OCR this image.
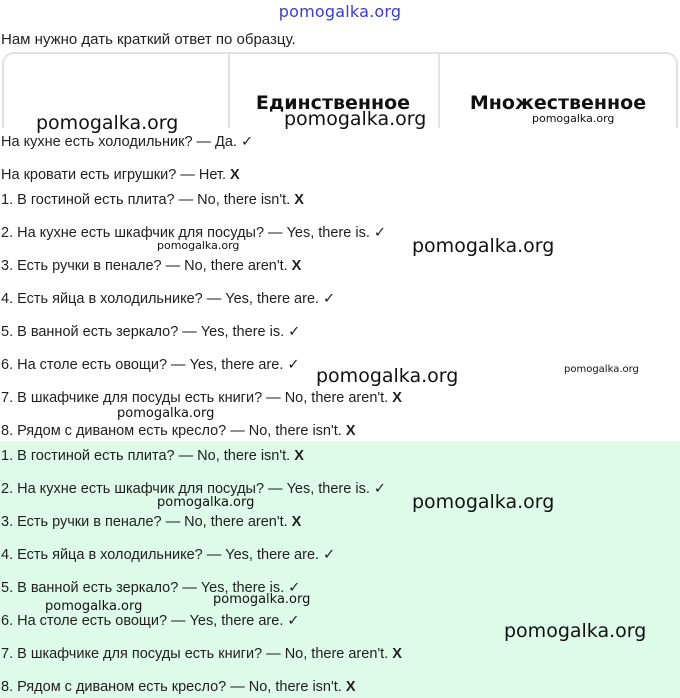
pomogalka.org

Нам нужно дать краткий ответ по образцу.

Единственное	Множественное
На кухне есть холодильник? — Да. ✓
На кровати есть игрушки? — Нет. X
1. В гостиной есть плита? — No, there isn't. X
2. На кухне есть шкафчик для посуды? — Yes, there is. ✓
3. Есть ручки в пенале? — No, there aren't. X
4. Есть яйца в холодильнике? — Yes, there are. ✓
5. В ванной есть зеркало? — Yes, there is. ✓
6. На столе есть овощи? — Yes, there are. ✓
7. В шкафчике для посуды есть книги? — No, there aren't. X
8. Рядом с диваном есть кресло? — No, there isn't. X
1. В гостиной есть плита? — No, there isn't. X
2. На кухне есть шкафчик для посуды? — Yes, there is. ✓
3. Есть ручки в пенале? — No, there aren't. X
4. Есть яйца в холодильнике? — Yes, there are. ✓
5. В ванной есть зеркало? — Yes, there is. ✓
6. На столе есть овощи? — Yes, there are. ✓
7. В шкафчике для посуды есть книги? — No, there aren't. X
8. Рядом с диваном есть кресло? — No, there isn't. X
pomogalka.org	pomogalka.org	pomogalka.org
pomogalka.org	pomogalka.org
pomogalka.org	pomogalka.org
pomogalka.org
pomogalka.org	pomogalka.org
pomogalka.org	pomogalka.org
pomogalka.org
